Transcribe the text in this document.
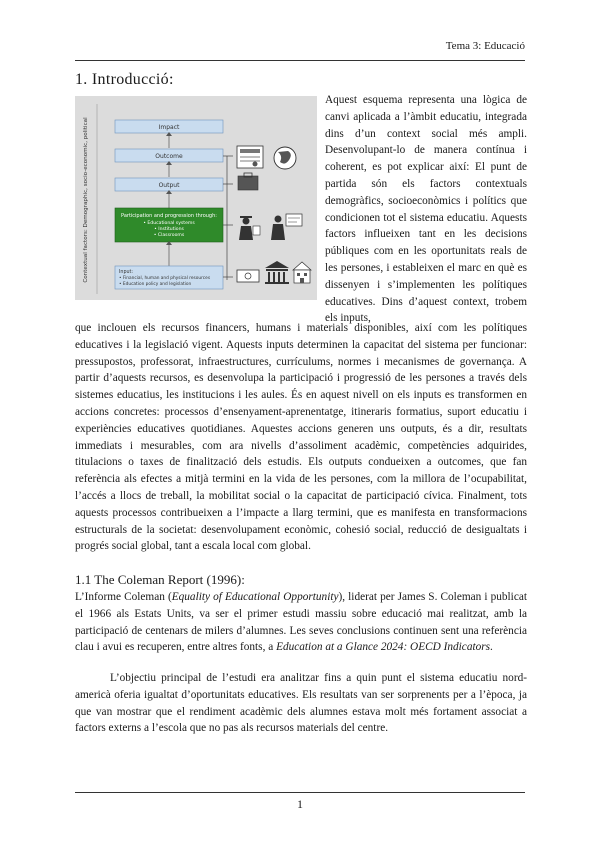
Tema 3: Educació
1. Introducció:
Contextual factors: Demographic, socio-economic, political	Impact
Outcome
Output
Participation and progression through:
• Educational systems
• Institutions
• Classrooms
Input:
• Financial, human and physical resources
• Education policy and legislation
Aquest esquema representa una lògica de canvi aplicada a l’àmbit educatiu, integrada dins d’un context social més ampli. Desenvolupant-lo de manera contínua i coherent, es pot explicar així: El punt de partida són els factors contextuals demogràfics, socioeconòmics i polítics que condicionen tot el sistema educatiu. Aquests factors influeixen tant en les decisions públiques com en les oportunitats reals de les persones, i estableixen el marc en què es dissenyen i s’implementen les polítiques educatives. Dins d’aquest context, trobem els inputs,
que inclouen els recursos financers, humans i materials disponibles, així com les polítiques educatives i la legislació vigent. Aquests inputs determinen la capacitat del sistema per funcionar: pressupostos, professorat, infraestructures, currículums, normes i mecanismes de governança. A partir d’aquests recursos, es desenvolupa la participació i progressió de les persones a través dels sistemes educatius, les institucions i les aules. És en aquest nivell on els inputs es transformen en accions concretes: processos d’ensenyament-aprenentatge, itineraris formatius, suport educatiu i experiències educatives quotidianes. Aquestes accions generen uns outputs, és a dir, resultats immediats i mesurables, com ara nivells d’assoliment acadèmic, competències adquirides, titulacions o taxes de finalització dels estudis. Els outputs condueixen a outcomes, que fan referència als efectes a mitjà termini en la vida de les persones, com la millora de l’ocupabilitat, l’accés a llocs de treball, la mobilitat social o la capacitat de participació cívica. Finalment, tots aquests processos contribueixen a l’impacte a llarg termini, que es manifesta en transformacions estructurals de la societat: desenvolupament econòmic, cohesió social, reducció de desigualtats i progrés social global, tant a escala local com global.
1.1 The Coleman Report (1996):
L’Informe Coleman (Equality of Educational Opportunity), liderat per James S. Coleman i publicat el 1966 als Estats Units, va ser el primer estudi massiu sobre educació mai realitzat, amb la participació de centenars de milers d’alumnes. Les seves conclusions continuen sent una referència clau i avui es recuperen, entre altres fonts, a Education at a Glance 2024: OECD Indicators.
L’objectiu principal de l’estudi era analitzar fins a quin punt el sistema educatiu nord-americà oferia igualtat d’oportunitats educatives. Els resultats van ser sorprenents per a l’època, ja que van mostrar que el rendiment acadèmic dels alumnes estava molt més fortament associat a factors externs a l’escola que no pas als recursos materials del centre.
1
